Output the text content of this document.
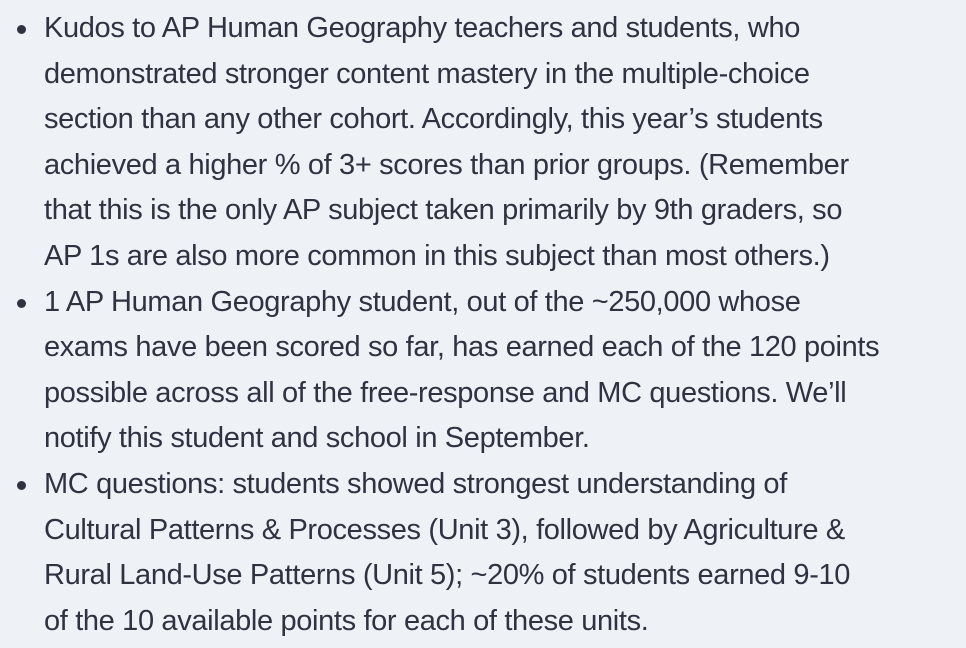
Kudos to AP Human Geography teachers and students, who
demonstrated stronger content mastery in the multiple-choice
section than any other cohort. Accordingly, this year’s students
achieved a higher % of 3+ scores than prior groups. (Remember
that this is the only AP subject taken primarily by 9th graders, so
AP 1s are also more common in this subject than most others.)
1 AP Human Geography student, out of the ~250,000 whose
exams have been scored so far, has earned each of the 120 points
possible across all of the free-response and MC questions. We’ll
notify this student and school in September.
MC questions: students showed strongest understanding of
Cultural Patterns & Processes (Unit 3), followed by Agriculture &
Rural Land-Use Patterns (Unit 5); ~20% of students earned 9-10
of the 10 available points for each of these units.
